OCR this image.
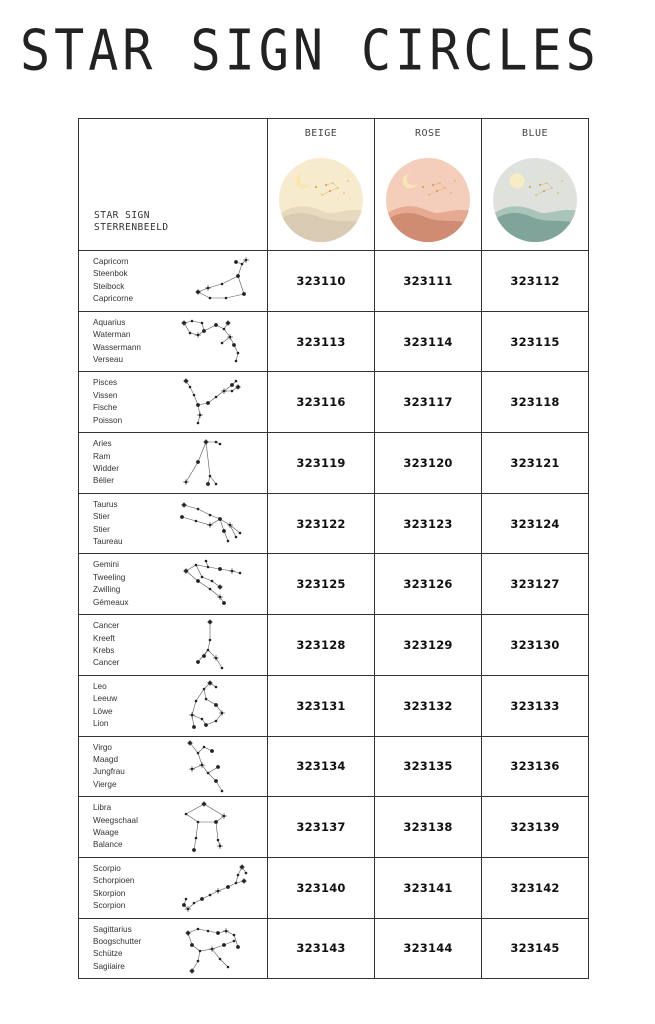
STAR SIGN CIRCLES
STAR SIGN
STERRENBEELD		BEIGE	ROSE	BLUE

Capricorn
Steenbok
Steibock
Capricorne		323110	323111	323112

Aquarius
Waterman
Wassermann
Verseau		323113	323114	323115

Pisces
Vissen
Fische
Poisson		323116	323117	323118

Aries
Ram
Widder
Bélier		323119	323120	323121

Taurus
Stier
Stier
Taureau		323122	323123	323124

Gemini
Tweeling
Zwilling
Gémeaux		323125	323126	323127

Cancer
Kreeft
Krebs
Cancer		323128	323129	323130

Leo
Leeuw
Löwe
Lion		323131	323132	323133

Virgo
Maagd
Jungfrau
Vierge		323134	323135	323136

Libra
Weegschaal
Waage
Balance		323137	323138	323139

Scorpio
Schorpioen
Skorpion
Scorpion		323140	323141	323142

Sagittarius
Boogschutter
Schütze
Sagiiaire		323143	323144	323145
